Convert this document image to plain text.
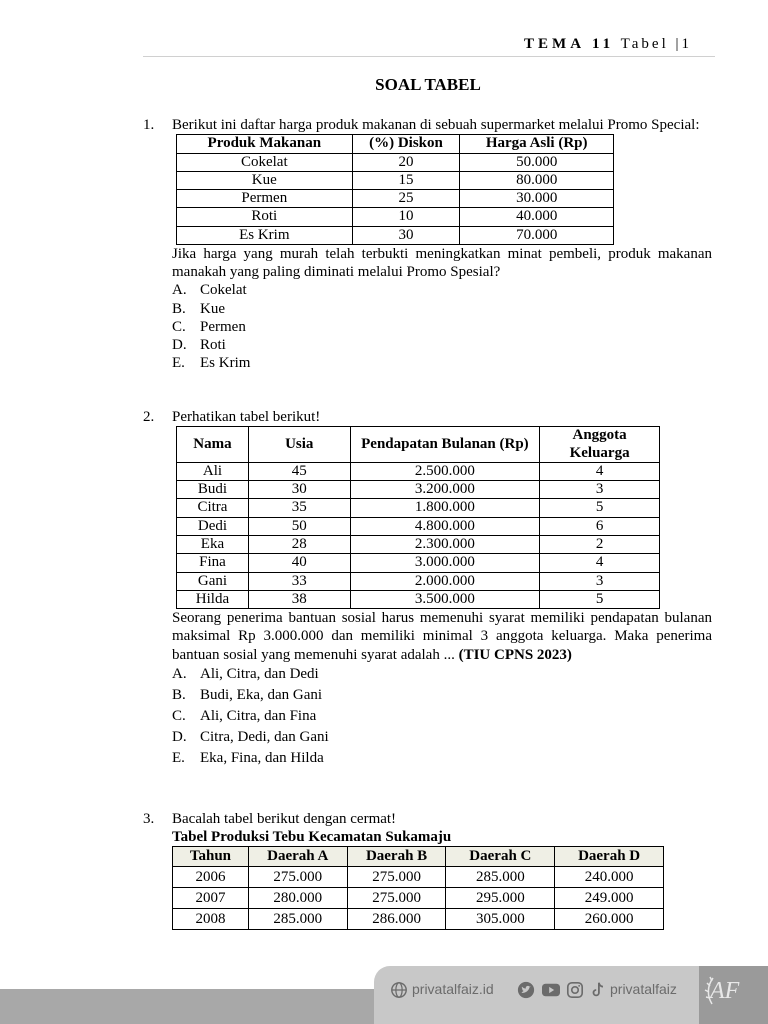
TEMA 11 Tabel |1
SOAL TABEL
1. Berikut ini daftar harga produk makanan di sebuah supermarket melalui Promo Special:
Produk Makanan	(%) Diskon	Harga Asli (Rp)
Cokelat	20	50.000
Kue	15	80.000
Permen	25	30.000
Roti	10	40.000
Es Krim	30	70.000
Jika harga yang murah telah terbukti meningkatkan minat pembeli, produk makanan manakah yang paling diminati melalui Promo Spesial?
A. Cokelat
B. Kue
C. Permen
D. Roti
E. Es Krim
2. Perhatikan tabel berikut!
Nama	Usia	Pendapatan Bulanan (Rp)	Anggota Keluarga
Ali	45	2.500.000	4
Budi	30	3.200.000	3
Citra	35	1.800.000	5
Dedi	50	4.800.000	6
Eka	28	2.300.000	2
Fina	40	3.000.000	4
Gani	33	2.000.000	3
Hilda	38	3.500.000	5
Seorang penerima bantuan sosial harus memenuhi syarat memiliki pendapatan bulanan maksimal Rp 3.000.000 dan memiliki minimal 3 anggota keluarga. Maka penerima bantuan sosial yang memenuhi syarat adalah ... (TIU CPNS 2023)
A. Ali, Citra, dan Dedi
B. Budi, Eka, dan Gani
C. Ali, Citra, dan Fina
D. Citra, Dedi, dan Gani
E. Eka, Fina, dan Hilda
3. Bacalah tabel berikut dengan cermat!
Tabel Produksi Tebu Kecamatan Sukamaju
Tahun	Daerah A	Daerah B	Daerah C	Daerah D
2006	275.000	275.000	285.000	240.000
2007	280.000	275.000	295.000	249.000
2008	285.000	286.000	305.000	260.000
privatalfaiz.id	privatalfaiz AF
